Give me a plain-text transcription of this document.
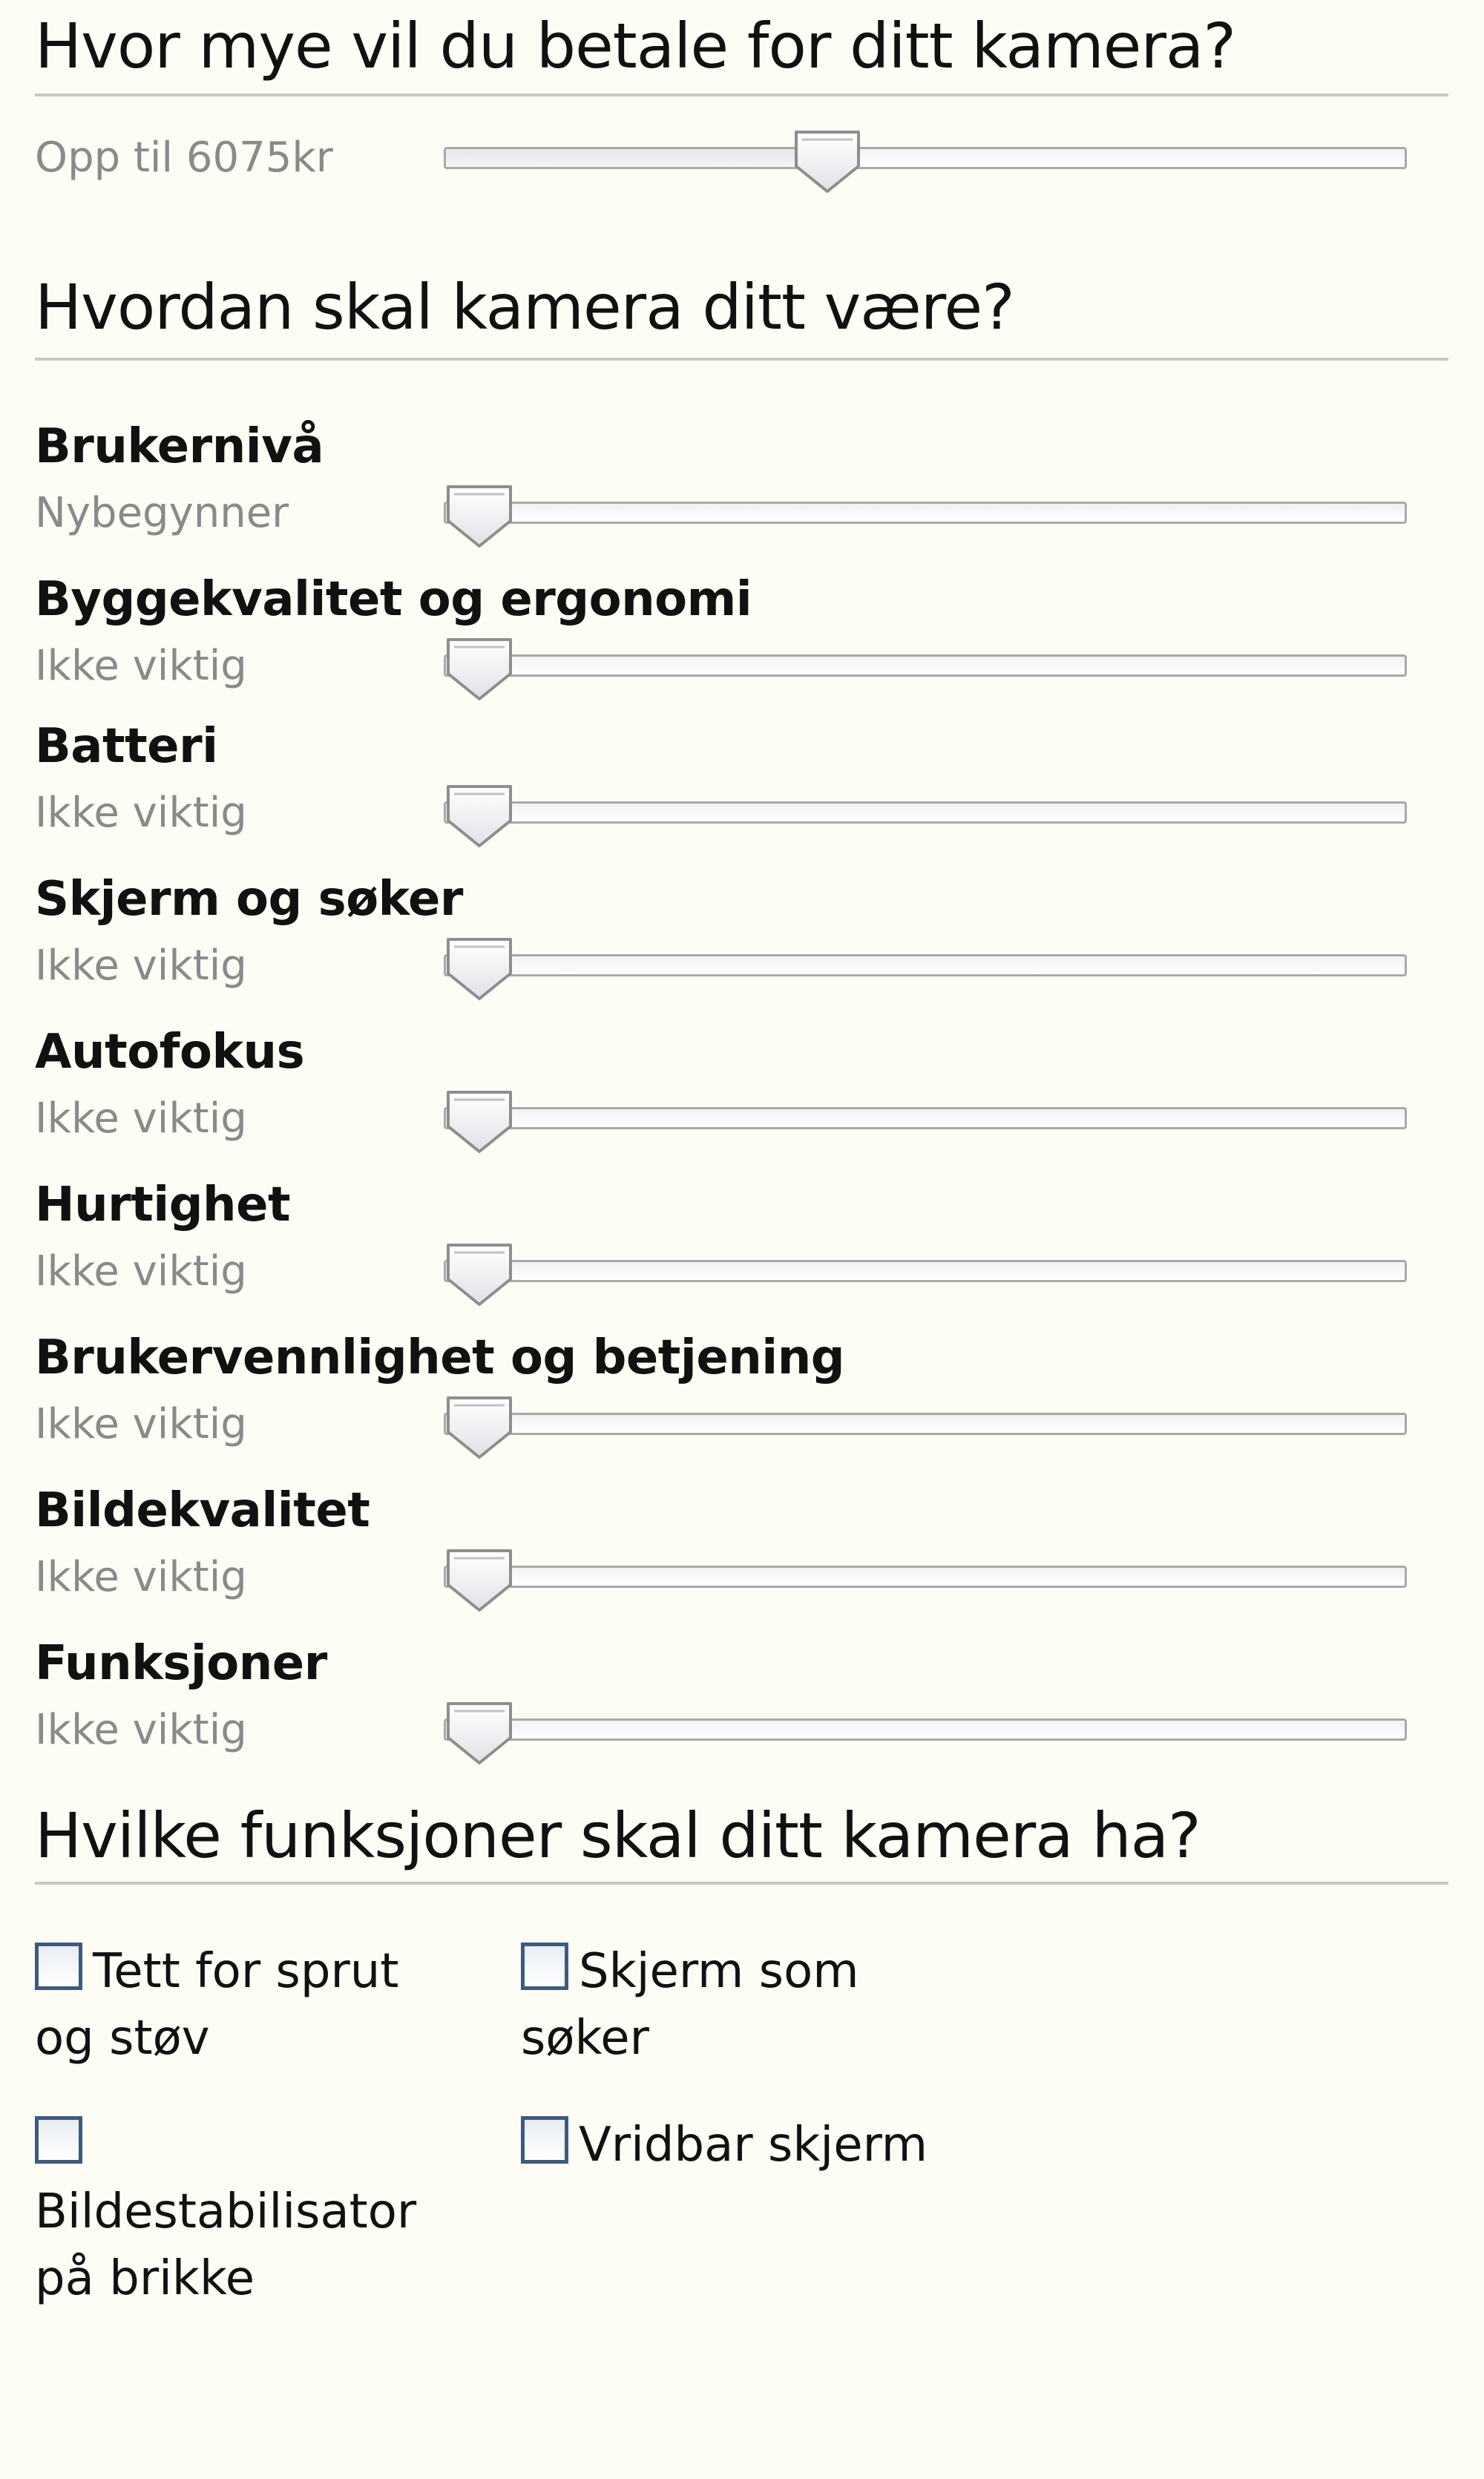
Hvor mye vil du betale for ditt kamera?
Opp til 6075kr
Hvordan skal kamera ditt være?
Brukernivå
Nybegynner
Byggekvalitet og ergonomi
Ikke viktig
Batteri
Ikke viktig
Skjerm og søker
Ikke viktig
Autofokus
Ikke viktig
Hurtighet
Ikke viktig
Brukervennlighet og betjening
Ikke viktig
Bildekvalitet
Ikke viktig
Funksjoner
Ikke viktig
Hvilke funksjoner skal ditt kamera ha?
Tett for sprut
og støv
Skjerm som
søker

Bildestabilisator
på brikke
Vridbar skjerm
